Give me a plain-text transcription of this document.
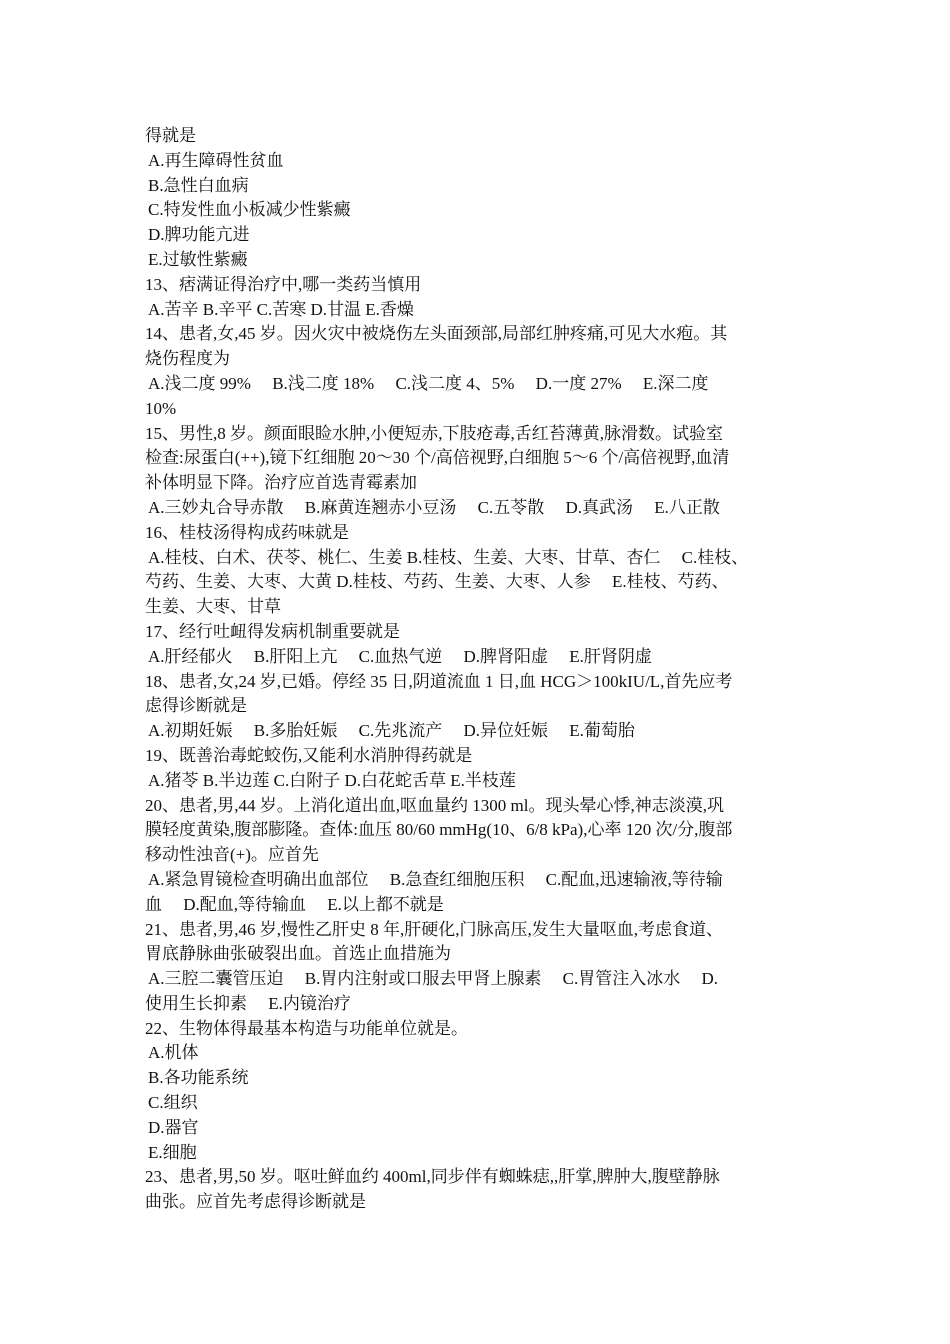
得就是
A.再生障碍性贫血
B.急性白血病
C.特发性血小板减少性紫癜
D.脾功能亢进
E.过敏性紫癜
13、痞满证得治疗中,哪一类药当慎用
A.苦辛 B.辛平 C.苦寒 D.甘温 E.香燥
14、患者,女,45 岁。因火灾中被烧伤左头面颈部,局部红肿疼痛,可见大水疱。其
烧伤程度为
A.浅二度 99%　 B.浅二度 18%　 C.浅二度 4、5%　 D.一度 27%　 E.深二度
10%
15、男性,8 岁。颜面眼睑水肿,小便短赤,下肢疮毒,舌红苔薄黄,脉滑数。试验室
检查:尿蛋白(++),镜下红细胞 20～30 个/高倍视野,白细胞 5～6 个/高倍视野,血清
补体明显下降。治疗应首选青霉素加
A.三妙丸合导赤散　 B.麻黄连翘赤小豆汤　 C.五苓散　 D.真武汤　 E.八正散
16、桂枝汤得构成药味就是
A.桂枝、白术、茯苓、桃仁、生姜 B.桂枝、生姜、大枣、甘草、杏仁　 C.桂枝、
芍药、生姜、大枣、大黄 D.桂枝、芍药、生姜、大枣、人参　 E.桂枝、芍药、
生姜、大枣、甘草
17、经行吐衄得发病机制重要就是
A.肝经郁火　 B.肝阳上亢　 C.血热气逆　 D.脾肾阳虚　 E.肝肾阴虚
18、患者,女,24 岁,已婚。停经 35 日,阴道流血 1 日,血 HCG＞100kIU/L,首先应考
虑得诊断就是
A.初期妊娠　 B.多胎妊娠　 C.先兆流产　 D.异位妊娠　 E.葡萄胎
19、既善治毒蛇蛟伤,又能利水消肿得药就是
A.猪苓 B.半边莲 C.白附子 D.白花蛇舌草 E.半枝莲
20、患者,男,44 岁。上消化道出血,呕血量约 1300 ml。现头晕心悸,神志淡漠,巩
膜轻度黄染,腹部膨隆。查体:血压 80/60 mmHg(10、6/8 kPa),心率 120 次/分,腹部
移动性浊音(+)。应首先
A.紧急胃镜检查明确出血部位　 B.急查红细胞压积　 C.配血,迅速输液,等待输
血　 D.配血,等待输血　 E.以上都不就是
21、患者,男,46 岁,慢性乙肝史 8 年,肝硬化,门脉高压,发生大量呕血,考虑食道、
胃底静脉曲张破裂出血。首选止血措施为
A.三腔二囊管压迫　 B.胃内注射或口服去甲肾上腺素　 C.胃管注入冰水　 D.
使用生长抑素　 E.内镜治疗
22、生物体得最基本构造与功能单位就是。
A.机体
B.各功能系统
C.组织
D.器官
E.细胞
23、患者,男,50 岁。呕吐鲜血约 400ml,同步伴有蜘蛛痣,,肝掌,脾肿大,腹壁静脉
曲张。应首先考虑得诊断就是
